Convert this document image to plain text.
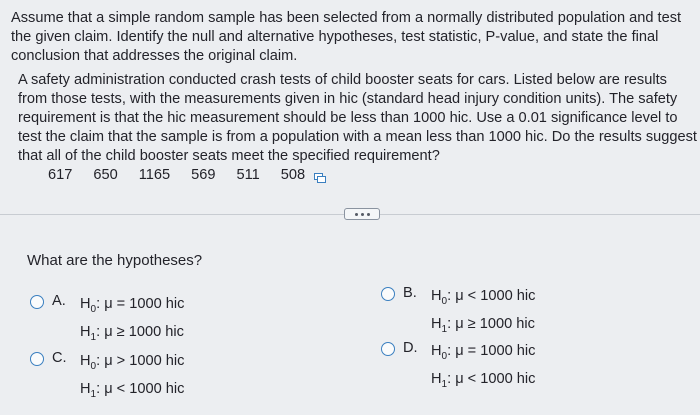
Assume that a simple random sample has been selected from a normally distributed population and test the given claim. Identify the null and alternative hypotheses, test statistic, P-value, and state the final conclusion that addresses the original claim.

A safety administration conducted crash tests of child booster seats for cars. Listed below are results from those tests, with the measurements given in hic (standard head injury condition units). The safety requirement is that the hic measurement should be less than 1000 hic. Use a 0.01 significance level to test the claim that the sample is from a population with a mean less than 1000 hic. Do the results suggest that all of the child booster seats meet the specified requirement?

617 650 1165 569 511 508
What are the hypotheses?
A. $H_0$: μ = 1000 hic
$H_1$: μ ≥ 1000 hic
B. $H_0$: μ < 1000 hic
$H_1$: μ ≥ 1000 hic
C. $H_0$: μ > 1000 hic
$H_1$: μ < 1000 hic
D. $H_0$: μ = 1000 hic
$H_1$: μ < 1000 hic
